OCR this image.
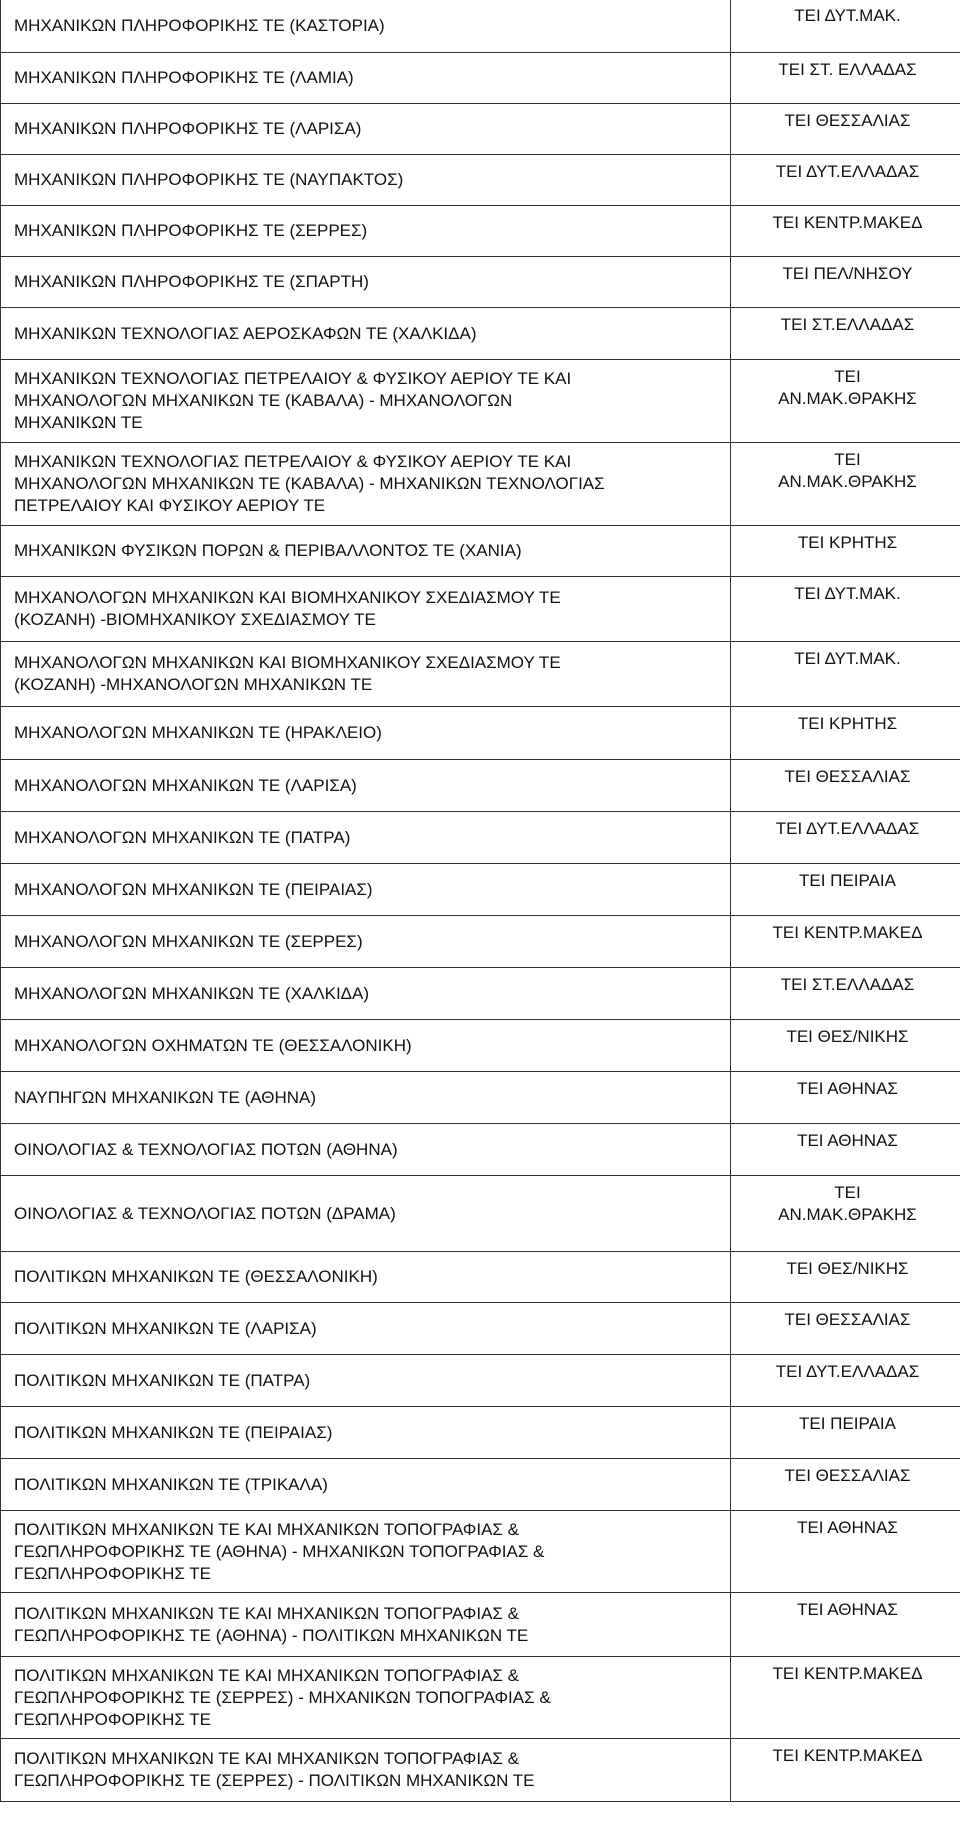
ΜΗΧΑΝΙΚΩΝ ΠΛΗΡΟΦΟΡΙΚΗΣ ΤΕ (ΚΑΣΤΟΡΙΑ)	ΤΕΙ ΔΥΤ.ΜΑΚ.

ΜΗΧΑΝΙΚΩΝ ΠΛΗΡΟΦΟΡΙΚΗΣ ΤΕ (ΛΑΜΙΑ)	ΤΕΙ ΣΤ. ΕΛΛΑΔΑΣ

ΜΗΧΑΝΙΚΩΝ ΠΛΗΡΟΦΟΡΙΚΗΣ ΤΕ (ΛΑΡΙΣΑ)	ΤΕΙ ΘΕΣΣΑΛΙΑΣ

ΜΗΧΑΝΙΚΩΝ ΠΛΗΡΟΦΟΡΙΚΗΣ ΤΕ (ΝΑΥΠΑΚΤΟΣ)	ΤΕΙ ΔΥΤ.ΕΛΛΑΔΑΣ

ΜΗΧΑΝΙΚΩΝ ΠΛΗΡΟΦΟΡΙΚΗΣ ΤΕ (ΣΕΡΡΕΣ)	ΤΕΙ ΚΕΝΤΡ.ΜΑΚΕΔ

ΜΗΧΑΝΙΚΩΝ ΠΛΗΡΟΦΟΡΙΚΗΣ ΤΕ (ΣΠΑΡΤΗ)	ΤΕΙ ΠΕΛ/ΝΗΣΟΥ

ΜΗΧΑΝΙΚΩΝ ΤΕΧΝΟΛΟΓΙΑΣ ΑΕΡΟΣΚΑΦΩΝ ΤΕ (ΧΑΛΚΙΔΑ)	ΤΕΙ ΣΤ.ΕΛΛΑΔΑΣ

ΜΗΧΑΝΙΚΩΝ ΤΕΧΝΟΛΟΓΙΑΣ ΠΕΤΡΕΛΑΙΟΥ & ΦΥΣΙΚΟΥ ΑΕΡΙΟΥ ΤΕ ΚΑΙ
ΜΗΧΑΝΟΛΟΓΩΝ ΜΗΧΑΝΙΚΩΝ ΤΕ (ΚΑΒΑΛΑ) - ΜΗΧΑΝΟΛΟΓΩΝ
ΜΗΧΑΝΙΚΩΝ ΤΕ	ΤΕΙ
ΑΝ.ΜΑΚ.ΘΡΑΚΗΣ

ΜΗΧΑΝΙΚΩΝ ΤΕΧΝΟΛΟΓΙΑΣ ΠΕΤΡΕΛΑΙΟΥ & ΦΥΣΙΚΟΥ ΑΕΡΙΟΥ ΤΕ ΚΑΙ
ΜΗΧΑΝΟΛΟΓΩΝ ΜΗΧΑΝΙΚΩΝ ΤΕ (ΚΑΒΑΛΑ) - ΜΗΧΑΝΙΚΩΝ ΤΕΧΝΟΛΟΓΙΑΣ
ΠΕΤΡΕΛΑΙΟΥ ΚΑΙ ΦΥΣΙΚΟΥ ΑΕΡΙΟΥ ΤΕ	ΤΕΙ
ΑΝ.ΜΑΚ.ΘΡΑΚΗΣ

ΜΗΧΑΝΙΚΩΝ ΦΥΣΙΚΩΝ ΠΟΡΩΝ & ΠΕΡΙΒΑΛΛΟΝΤΟΣ ΤΕ (ΧΑΝΙΑ)	ΤΕΙ ΚΡΗΤΗΣ

ΜΗΧΑΝΟΛΟΓΩΝ ΜΗΧΑΝΙΚΩΝ ΚΑΙ ΒΙΟΜΗΧΑΝΙΚΟΥ ΣΧΕΔΙΑΣΜΟΥ ΤΕ
(ΚΟΖΑΝΗ) -ΒΙΟΜΗΧΑΝΙΚΟΥ ΣΧΕΔΙΑΣΜΟΥ ΤΕ	ΤΕΙ ΔΥΤ.ΜΑΚ.

ΜΗΧΑΝΟΛΟΓΩΝ ΜΗΧΑΝΙΚΩΝ ΚΑΙ ΒΙΟΜΗΧΑΝΙΚΟΥ ΣΧΕΔΙΑΣΜΟΥ ΤΕ
(ΚΟΖΑΝΗ) -ΜΗΧΑΝΟΛΟΓΩΝ ΜΗΧΑΝΙΚΩΝ ΤΕ	ΤΕΙ ΔΥΤ.ΜΑΚ.

ΜΗΧΑΝΟΛΟΓΩΝ ΜΗΧΑΝΙΚΩΝ ΤΕ (ΗΡΑΚΛΕΙΟ)	ΤΕΙ ΚΡΗΤΗΣ

ΜΗΧΑΝΟΛΟΓΩΝ ΜΗΧΑΝΙΚΩΝ ΤΕ (ΛΑΡΙΣΑ)	ΤΕΙ ΘΕΣΣΑΛΙΑΣ

ΜΗΧΑΝΟΛΟΓΩΝ ΜΗΧΑΝΙΚΩΝ ΤΕ (ΠΑΤΡΑ)	ΤΕΙ ΔΥΤ.ΕΛΛΑΔΑΣ

ΜΗΧΑΝΟΛΟΓΩΝ ΜΗΧΑΝΙΚΩΝ ΤΕ (ΠΕΙΡΑΙΑΣ)	ΤΕΙ ΠΕΙΡΑΙΑ

ΜΗΧΑΝΟΛΟΓΩΝ ΜΗΧΑΝΙΚΩΝ ΤΕ (ΣΕΡΡΕΣ)	ΤΕΙ ΚΕΝΤΡ.ΜΑΚΕΔ

ΜΗΧΑΝΟΛΟΓΩΝ ΜΗΧΑΝΙΚΩΝ ΤΕ (ΧΑΛΚΙΔΑ)	ΤΕΙ ΣΤ.ΕΛΛΑΔΑΣ

ΜΗΧΑΝΟΛΟΓΩΝ ΟΧΗΜΑΤΩΝ ΤΕ (ΘΕΣΣΑΛΟΝΙΚΗ)	ΤΕΙ ΘΕΣ/ΝΙΚΗΣ

ΝΑΥΠΗΓΩΝ ΜΗΧΑΝΙΚΩΝ ΤΕ (ΑΘΗΝΑ)	ΤΕΙ ΑΘΗΝΑΣ

ΟΙΝΟΛΟΓΙΑΣ & ΤΕΧΝΟΛΟΓΙΑΣ ΠΟΤΩΝ (ΑΘΗΝΑ)	ΤΕΙ ΑΘΗΝΑΣ

ΟΙΝΟΛΟΓΙΑΣ & ΤΕΧΝΟΛΟΓΙΑΣ ΠΟΤΩΝ (ΔΡΑΜΑ)	ΤΕΙ
ΑΝ.ΜΑΚ.ΘΡΑΚΗΣ

ΠΟΛΙΤΙΚΩΝ ΜΗΧΑΝΙΚΩΝ ΤΕ (ΘΕΣΣΑΛΟΝΙΚΗ)	ΤΕΙ ΘΕΣ/ΝΙΚΗΣ

ΠΟΛΙΤΙΚΩΝ ΜΗΧΑΝΙΚΩΝ ΤΕ (ΛΑΡΙΣΑ)	ΤΕΙ ΘΕΣΣΑΛΙΑΣ

ΠΟΛΙΤΙΚΩΝ ΜΗΧΑΝΙΚΩΝ ΤΕ (ΠΑΤΡΑ)	ΤΕΙ ΔΥΤ.ΕΛΛΑΔΑΣ

ΠΟΛΙΤΙΚΩΝ ΜΗΧΑΝΙΚΩΝ ΤΕ (ΠΕΙΡΑΙΑΣ)	ΤΕΙ ΠΕΙΡΑΙΑ

ΠΟΛΙΤΙΚΩΝ ΜΗΧΑΝΙΚΩΝ ΤΕ (ΤΡΙΚΑΛΑ)	ΤΕΙ ΘΕΣΣΑΛΙΑΣ

ΠΟΛΙΤΙΚΩΝ ΜΗΧΑΝΙΚΩΝ ΤΕ ΚΑΙ ΜΗΧΑΝΙΚΩΝ ΤΟΠΟΓΡΑΦΙΑΣ &
ΓΕΩΠΛΗΡΟΦΟΡΙΚΗΣ ΤΕ (ΑΘΗΝΑ) - ΜΗΧΑΝΙΚΩΝ ΤΟΠΟΓΡΑΦΙΑΣ &
ΓΕΩΠΛΗΡΟΦΟΡΙΚΗΣ ΤΕ	ΤΕΙ ΑΘΗΝΑΣ

ΠΟΛΙΤΙΚΩΝ ΜΗΧΑΝΙΚΩΝ ΤΕ ΚΑΙ ΜΗΧΑΝΙΚΩΝ ΤΟΠΟΓΡΑΦΙΑΣ &
ΓΕΩΠΛΗΡΟΦΟΡΙΚΗΣ ΤΕ (ΑΘΗΝΑ) - ΠΟΛΙΤΙΚΩΝ ΜΗΧΑΝΙΚΩΝ ΤΕ	ΤΕΙ ΑΘΗΝΑΣ

ΠΟΛΙΤΙΚΩΝ ΜΗΧΑΝΙΚΩΝ ΤΕ ΚΑΙ ΜΗΧΑΝΙΚΩΝ ΤΟΠΟΓΡΑΦΙΑΣ &
ΓΕΩΠΛΗΡΟΦΟΡΙΚΗΣ ΤΕ (ΣΕΡΡΕΣ) - ΜΗΧΑΝΙΚΩΝ ΤΟΠΟΓΡΑΦΙΑΣ &
ΓΕΩΠΛΗΡΟΦΟΡΙΚΗΣ ΤΕ	ΤΕΙ ΚΕΝΤΡ.ΜΑΚΕΔ

ΠΟΛΙΤΙΚΩΝ ΜΗΧΑΝΙΚΩΝ ΤΕ ΚΑΙ ΜΗΧΑΝΙΚΩΝ ΤΟΠΟΓΡΑΦΙΑΣ &
ΓΕΩΠΛΗΡΟΦΟΡΙΚΗΣ ΤΕ (ΣΕΡΡΕΣ) - ΠΟΛΙΤΙΚΩΝ ΜΗΧΑΝΙΚΩΝ ΤΕ	ΤΕΙ ΚΕΝΤΡ.ΜΑΚΕΔ
